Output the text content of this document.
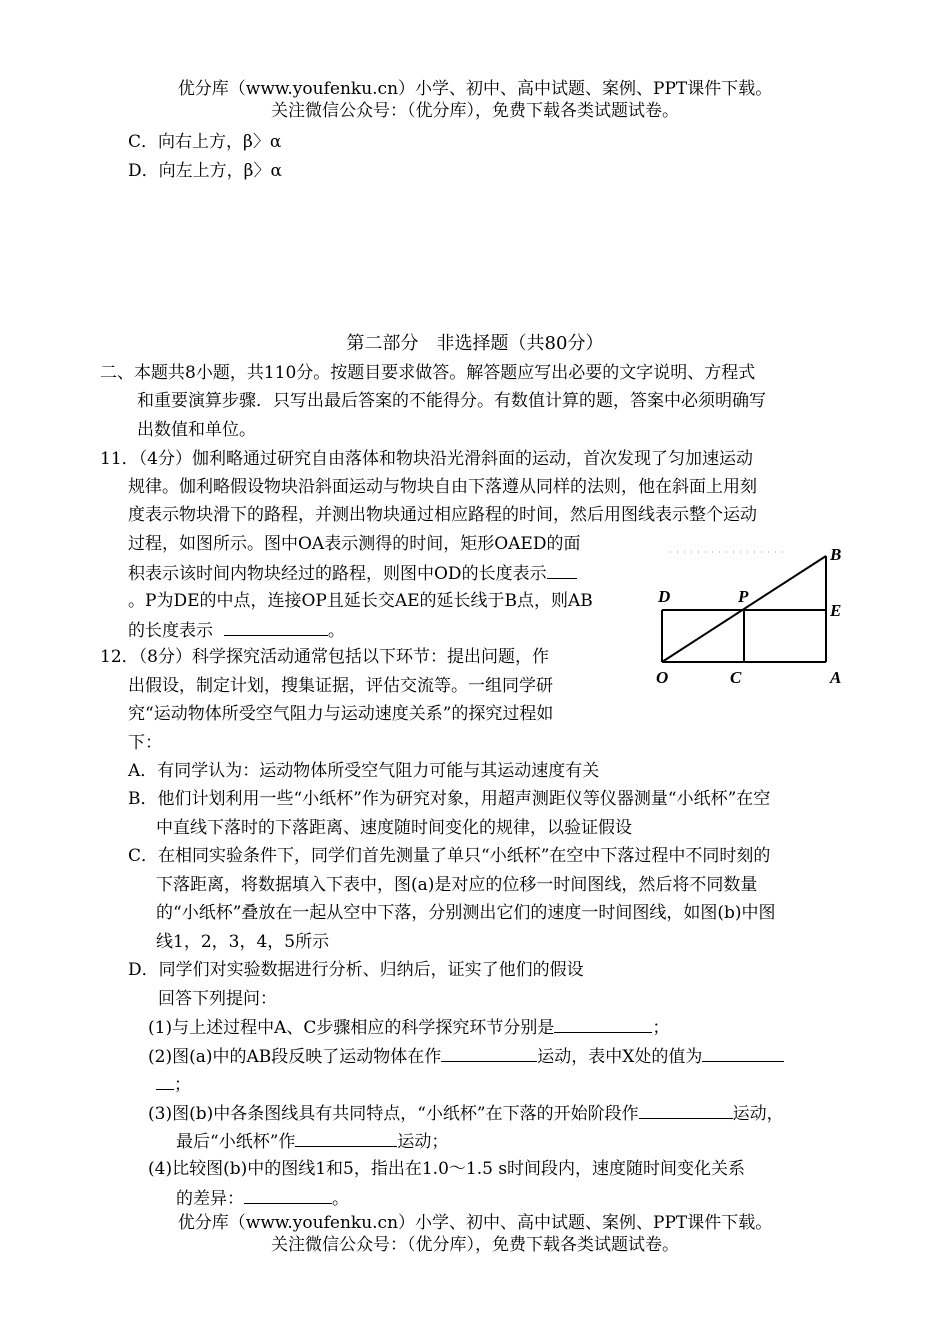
优分库（www.youfenku.cn）小学、初中、高中试题、案例、PPT课件下载。
关注微信公众号：（优分库），免费下载各类试题试卷。
C．向右上方，β〉α
D．向左上方，β〉α
第二部分　非选择题（共80分）
二、本题共8小题，共110分。按题目要求做答。解答题应写出必要的文字说明、方程式
和重要演算步骤．只写出最后答案的不能得分。有数值计算的题，答案中必须明确写
出数值和单位。
11．（4分）伽利略通过研究自由落体和物块沿光滑斜面的运动，首次发现了匀加速运动
规律。伽利略假设物块沿斜面运动与物块自由下落遵从同样的法则，他在斜面上用刻
度表示物块滑下的路程，并测出物块通过相应路程的时间，然后用图线表示整个运动
过程，如图所示。图中OA表示测得的时间，矩形OAED的面
积表示该时间内物块经过的路程，则图中OD的长度表示
。P为DE的中点，连接OP且延长交AE的延长线于B点，则AB
的长度表示	。
B
D	P
E
O	C	A
12．（8分）科学探究活动通常包括以下环节：提出问题，作
出假设，制定计划，搜集证据，评估交流等。一组同学研
究“运动物体所受空气阻力与运动速度关系”的探究过程如
下：
A．有同学认为：运动物体所受空气阻力可能与其运动速度有关
B．他们计划利用一些“小纸杯”作为研究对象，用超声测距仪等仪器测量“小纸杯”在空
中直线下落时的下落距离、速度随时间变化的规律，以验证假设
C．在相同实验条件下，同学们首先测量了单只“小纸杯”在空中下落过程中不同时刻的
下落距离，将数据填入下表中，图(a)是对应的位移一时间图线，然后将不同数量
的“小纸杯”叠放在一起从空中下落，分别测出它们的速度一时间图线，如图(b)中图
线1，2，3，4，5所示
D．同学们对实验数据进行分析、归纳后，证实了他们的假设
回答下列提问：
(1)与上述过程中A、C步骤相应的科学探究环节分别是	；
(2)图(a)中的AB段反映了运动物体在作	运动，表中X处的值为
；
(3)图(b)中各条图线具有共同特点，“小纸杯”在下落的开始阶段作	运动，
最后“小纸杯”作	运动；
(4)比较图(b)中的图线1和5，指出在1.0～1.5 s时间段内，速度随时间变化关系
的差异：	。
优分库（www.youfenku.cn）小学、初中、高中试题、案例、PPT课件下载。
关注微信公众号：（优分库），免费下载各类试题试卷。
